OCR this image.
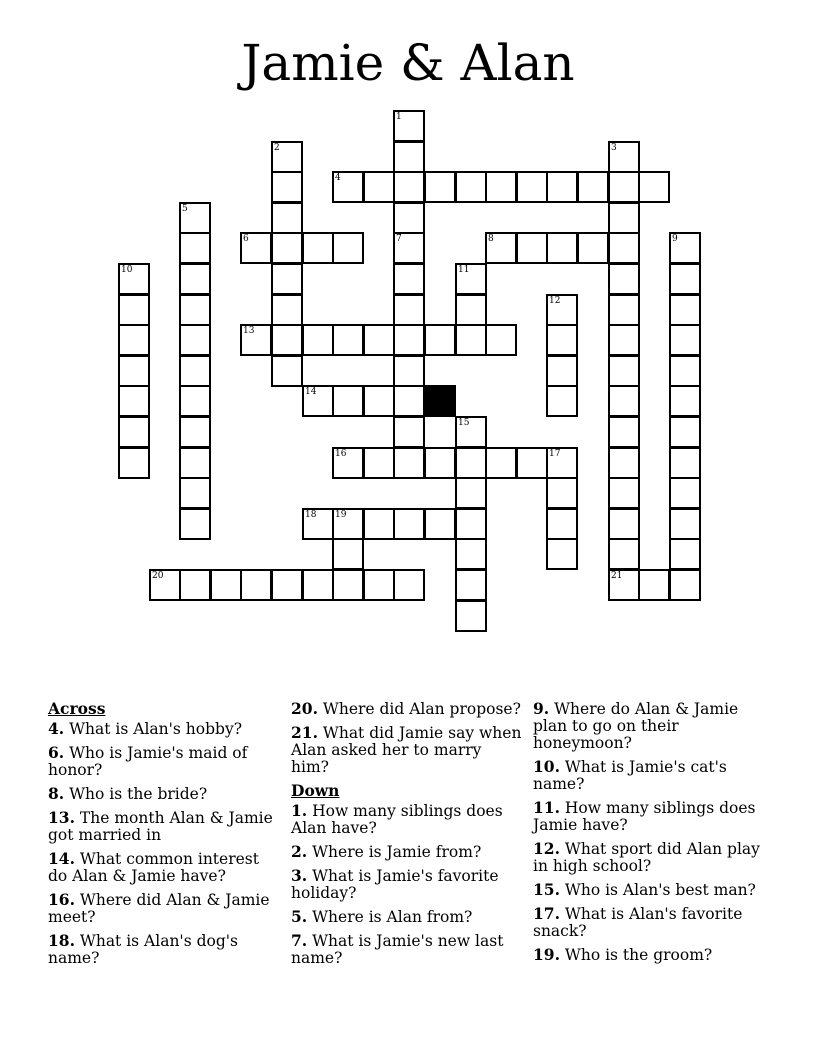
Jamie & Alan
4
6	8
13
14
16	17
18 19
20	21
1
7
2	3
5
9
10	11
12
15
Across
4. What is Alan's hobby?
6. Who is Jamie's maid of honor?
8. Who is the bride?
13. The month Alan & Jamie got married in
14. What common interest do Alan & Jamie have?
16. Where did Alan & Jamie meet?
18. What is Alan's dog's name?
20. Where did Alan propose?
21. What did Jamie say when Alan asked her to marry him?
Down
1. How many siblings does Alan have?
2. Where is Jamie from?
3. What is Jamie's favorite holiday?
5. Where is Alan from?
7. What is Jamie's new last name?
9. Where do Alan & Jamie plan to go on their honeymoon?
10. What is Jamie's cat's name?
11. How many siblings does Jamie have?
12. What sport did Alan play in high school?
15. Who is Alan's best man?
17. What is Alan's favorite snack?
19. Who is the groom?
